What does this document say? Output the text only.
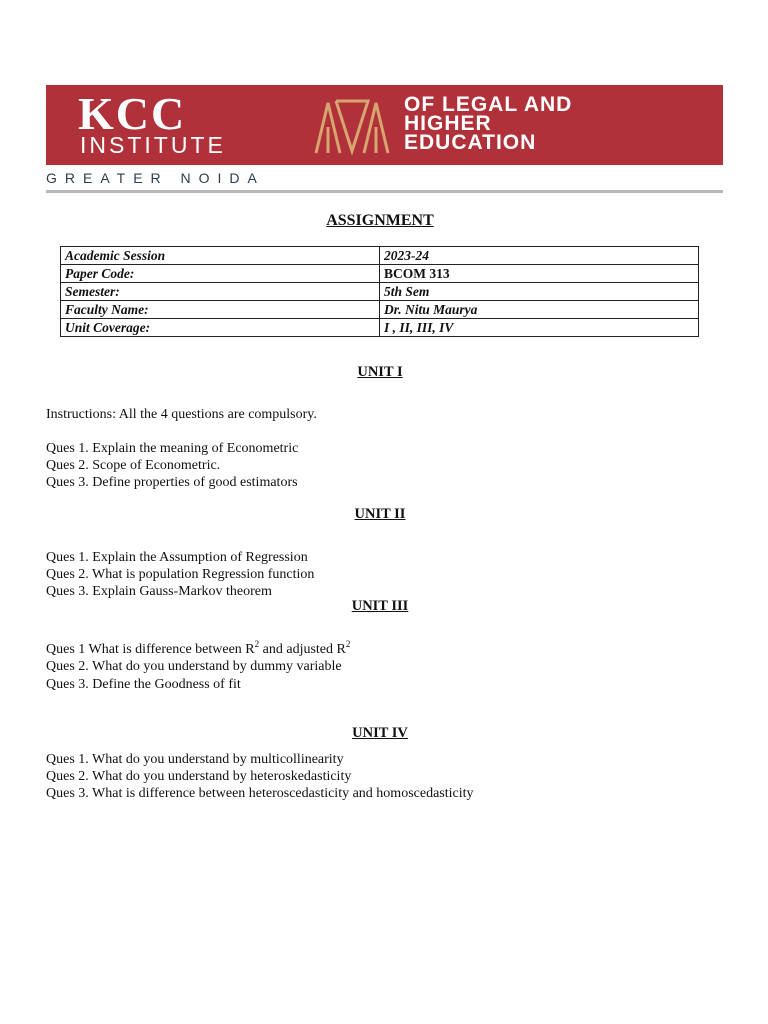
KCC
INSTITUTE
OF LEGAL AND
HIGHER
EDUCATION
GREATER NOIDA
ASSIGNMENT
Academic Session	2023-24
Paper Code:	BCOM 313
Semester:	5th Sem
Faculty Name:	Dr. Nitu Maurya
Unit Coverage:	I , II, III, IV
UNIT I
Instructions: All the 4 questions are compulsory.
Ques 1. Explain the meaning of Econometric
Ques 2. Scope of Econometric.
Ques 3. Define properties of good estimators
UNIT II
Ques 1. Explain the Assumption of Regression
Ques 2. What is population Regression function
Ques 3. Explain Gauss-Markov theorem
UNIT III
Ques 1 What is difference between $R^2$ and adjusted $R^2$
Ques 2. What do you understand by dummy variable
Ques 3. Define the Goodness of fit
UNIT IV
Ques 1. What do you understand by multicollinearity
Ques 2. What do you understand by heteroskedasticity
Ques 3. What is difference between heteroscedasticity and homoscedasticity
